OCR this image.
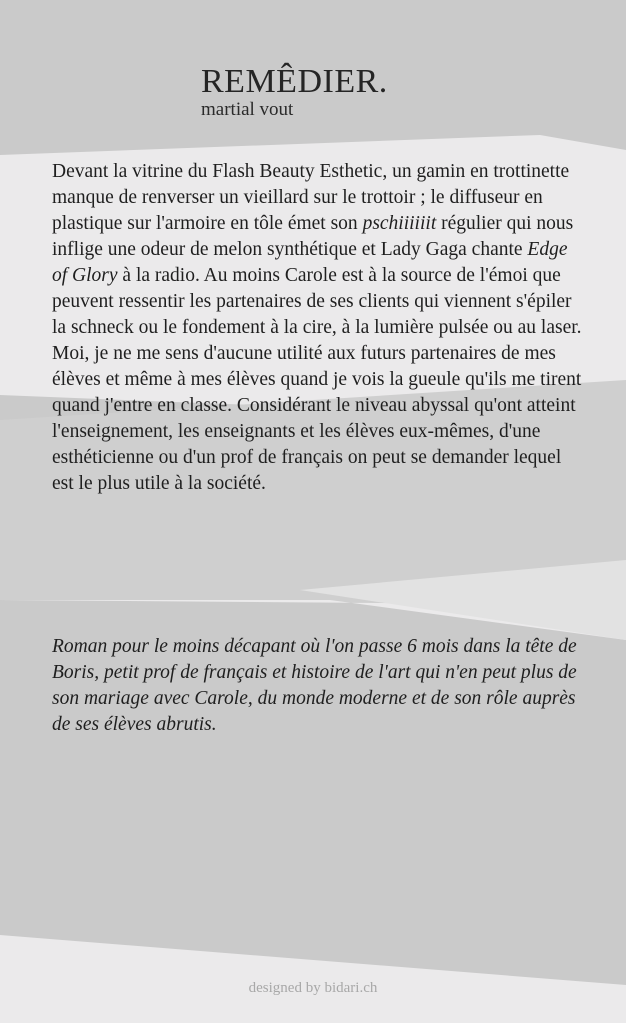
REMÊDIER.
martial vout

Devant la vitrine du Flash Beauty Esthetic, un gamin en trottinette manque de renverser un vieillard sur le trottoir ; le diffuseur en plastique sur l'armoire en tôle émet son pschiiiiiit régulier qui nous inflige une odeur de melon synthétique et Lady Gaga chante Edge of Glory à la radio. Au moins Carole est à la source de l'émoi que peuvent ressentir les partenaires de ses clients qui viennent s'épiler la schneck ou le fondement à la cire, à la lumière pulsée ou au laser. Moi, je ne me sens d'aucune utilité aux futurs partenaires de mes élèves et même à mes élèves quand je vois la gueule qu'ils me tirent quand j'entre en classe. Considérant le niveau abyssal qu'ont atteint l'enseignement, les enseignants et les élèves eux-mêmes, d'une esthéticienne ou d'un prof de français on peut se demander lequel est le plus utile à la société.

Roman pour le moins décapant où l'on passe 6 mois dans la tête de Boris, petit prof de français et histoire de l'art qui n'en peut plus de son mariage avec Carole, du monde moderne et de son rôle auprès de ses élèves abrutis.
designed by bidari.ch
